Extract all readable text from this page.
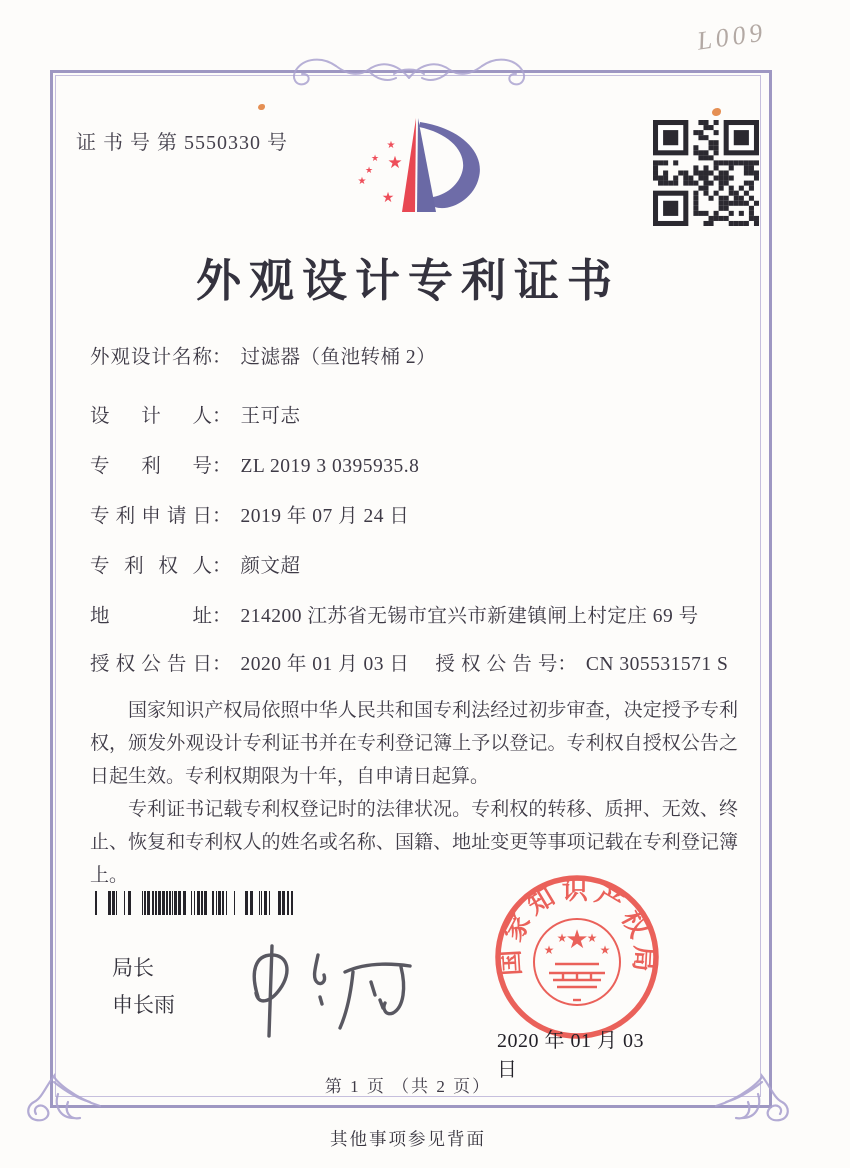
L009
证 书 号 第 5550330 号	★
★ ★
★
★
★
外观设计专利证书
外观设计名称： 过滤器（鱼池转桶 2）
设计人： 王可志
专利号： ZL 2019 3 0395935.8
专利申请日： 2019 年 07 月 24 日
专利权人： 颜文超
地址： 214200 江苏省无锡市宜兴市新建镇闸上村定庄 69 号
授权公告日： 2020 年 01 月 03 日 授权公告号： CN 305531571 S

国家知识产权局依照中华人民共和国专利法经过初步审查，决定授予专利权，颁发外观设计专利证书并在专利登记簿上予以登记。专利权自授权公告之日起生效。专利权期限为十年，自申请日起算。

专利证书记载专利权登记时的法律状况。专利权的转移、质押、无效、终止、恢复和专利权人的姓名或名称、国籍、地址变更等事项记载在专利登记簿上。

局长
申长雨
国家知识产权局
★
★
★ ★
★
2020 年 01 月 03 日
第 1 页 （共 2 页）
其他事项参见背面
